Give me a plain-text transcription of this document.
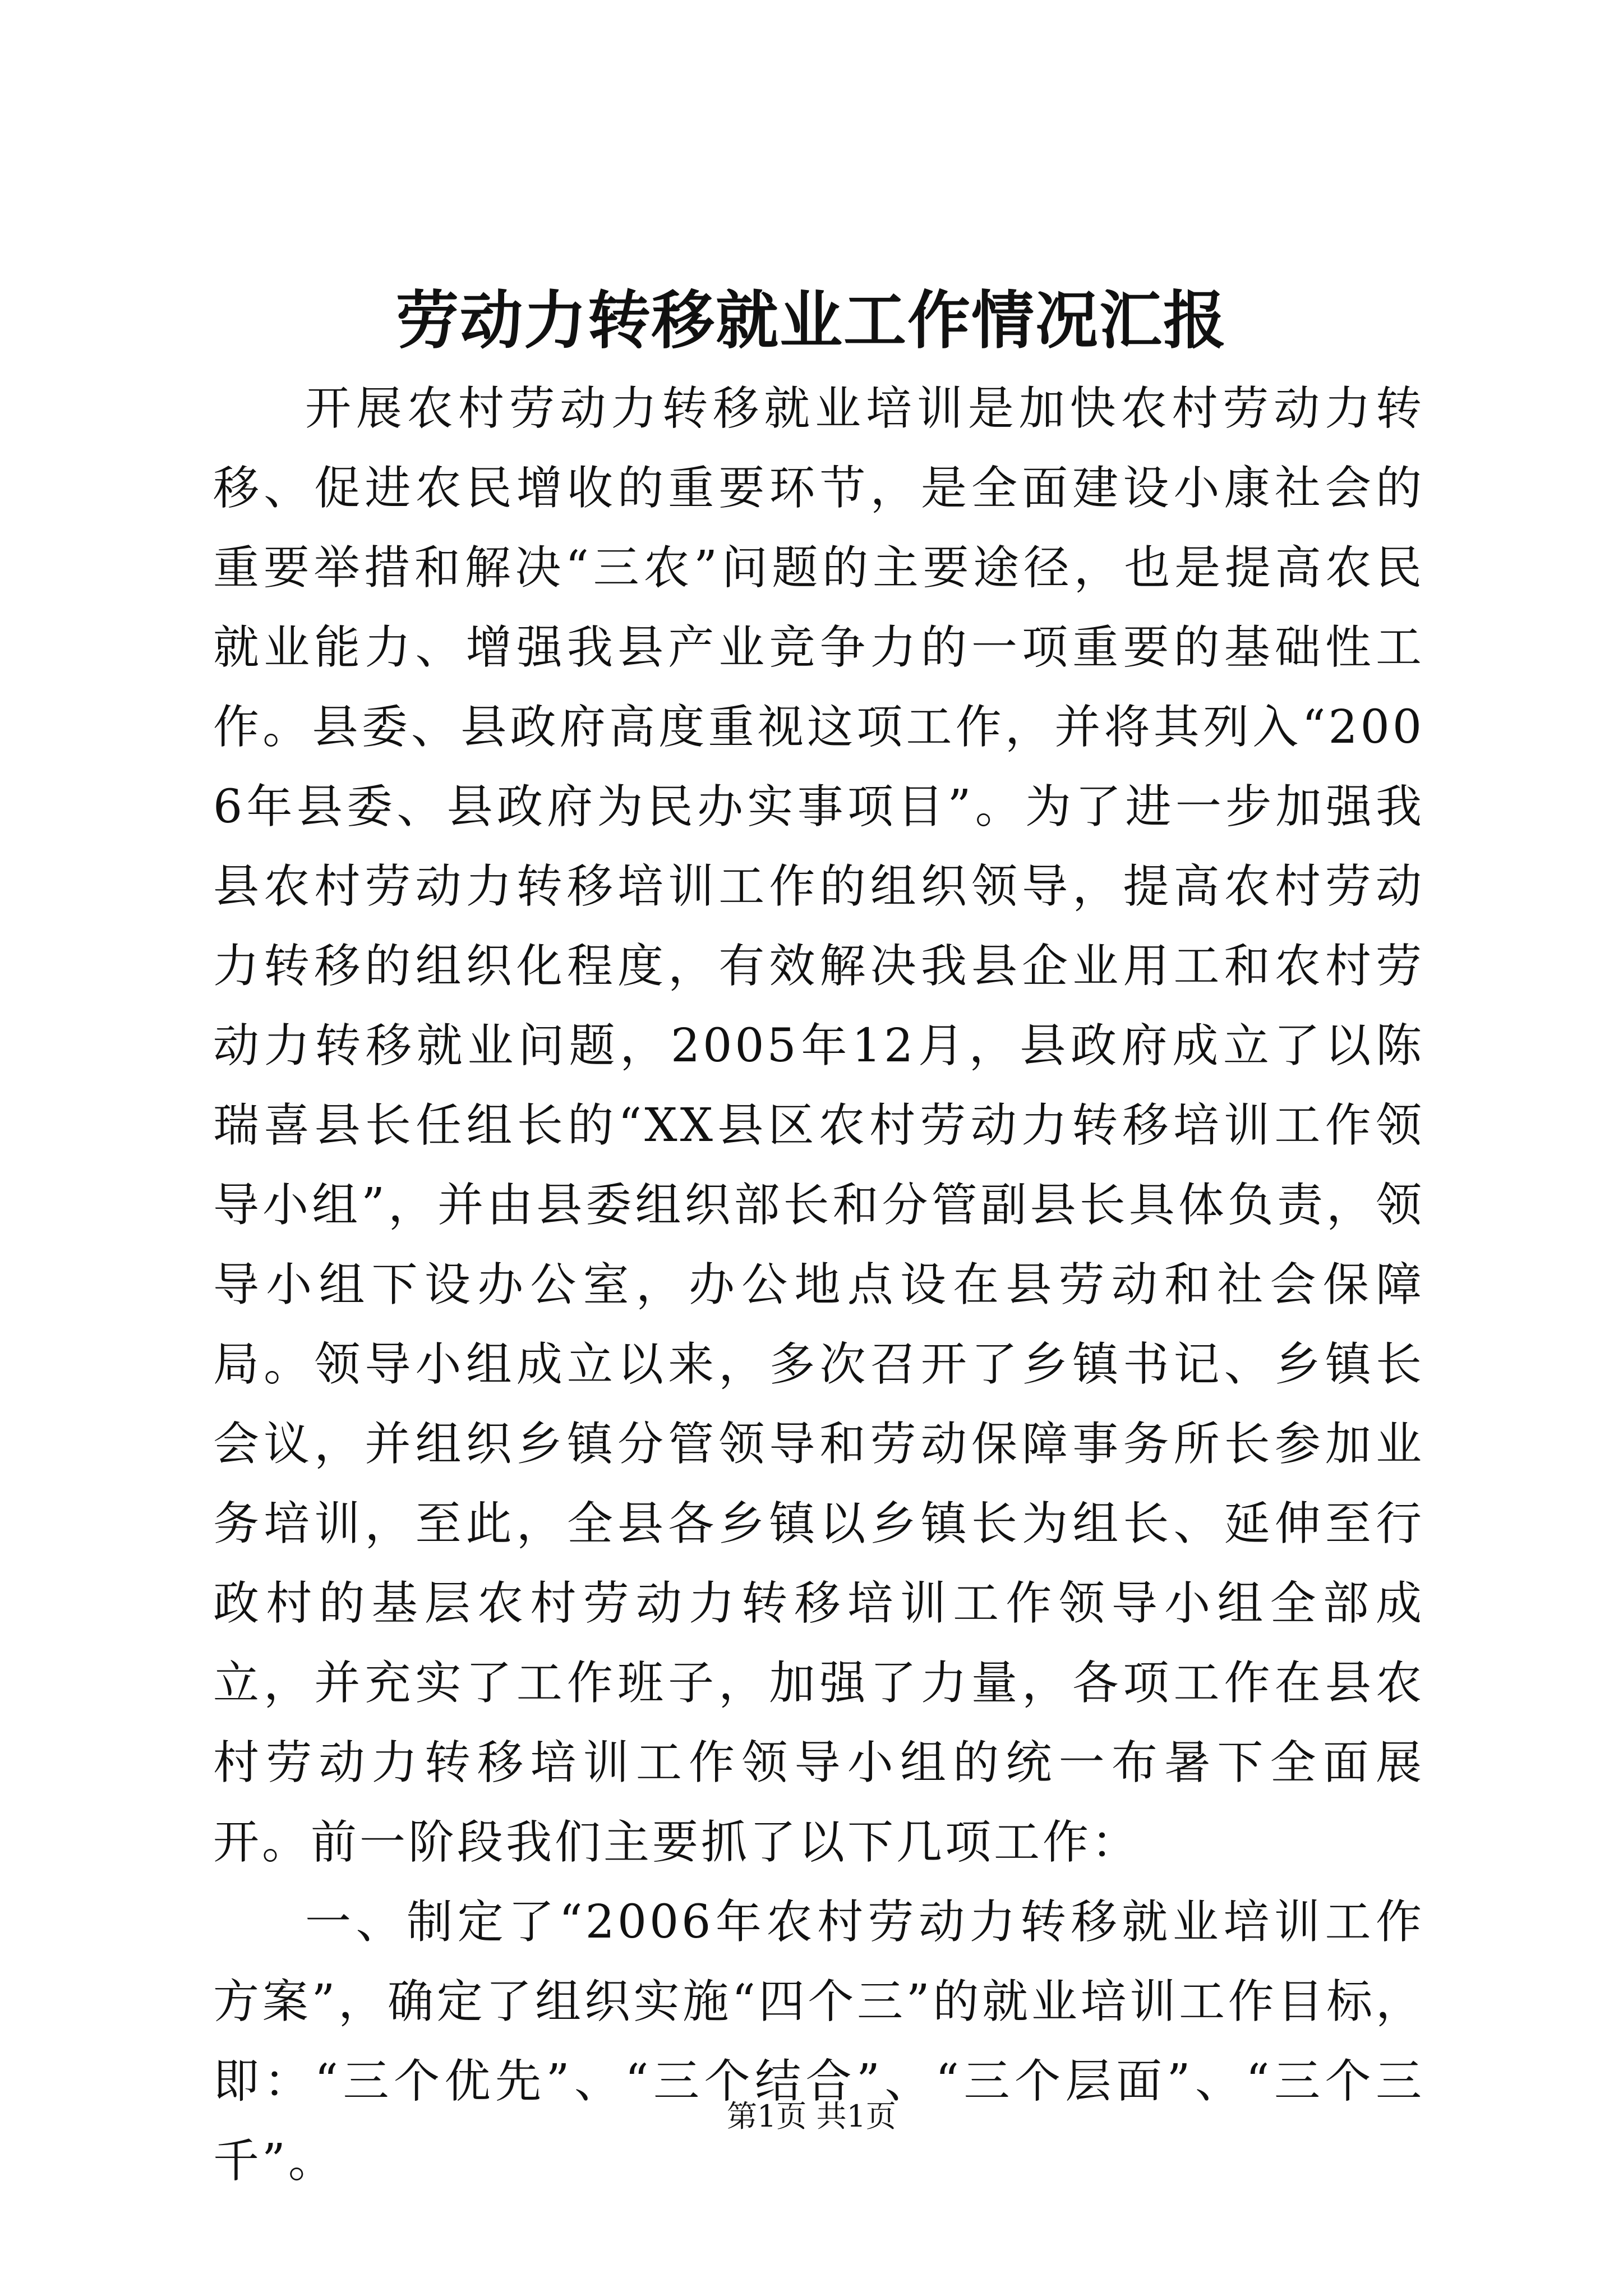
劳动力转移就业工作情况汇报

开展农村劳动力转移就业培训是加快农村劳动力转移、促进农民增收的重要环节，是全面建设小康社会的重要举措和解决“三农”问题的主要途径，也是提高农民就业能力、增强我县产业竞争力的一项重要的基础性工作。县委、县政府高度重视这项工作，并将其列入“2006年县委、县政府为民办实事项目”。为了进一步加强我县农村劳动力转移培训工作的组织领导，提高农村劳动力转移的组织化程度，有效解决我县企业用工和农村劳动力转移就业问题，2005年12月，县政府成立了以陈瑞喜县长任组长的“XX县区农村劳动力转移培训工作领导小组”，并由县委组织部长和分管副县长具体负责，领导小组下设办公室，办公地点设在县劳动和社会保障局。领导小组成立以来，多次召开了乡镇书记、乡镇长会议，并组织乡镇分管领导和劳动保障事务所长参加业务培训，至此，全县各乡镇以乡镇长为组长、延伸至行政村的基层农村劳动力转移培训工作领导小组全部成立，并充实了工作班子，加强了力量，各项工作在县农村劳动力转移培训工作领导小组的统一布暑下全面展开。前一阶段我们主要抓了以下几项工作：

一、制定了“2006年农村劳动力转移就业培训工作方案”，确定了组织实施“四个三”的就业培训工作目标，即：“三个优先”、“三个结合”、“三个层面”、“三个三千”。

第1页 共1页
